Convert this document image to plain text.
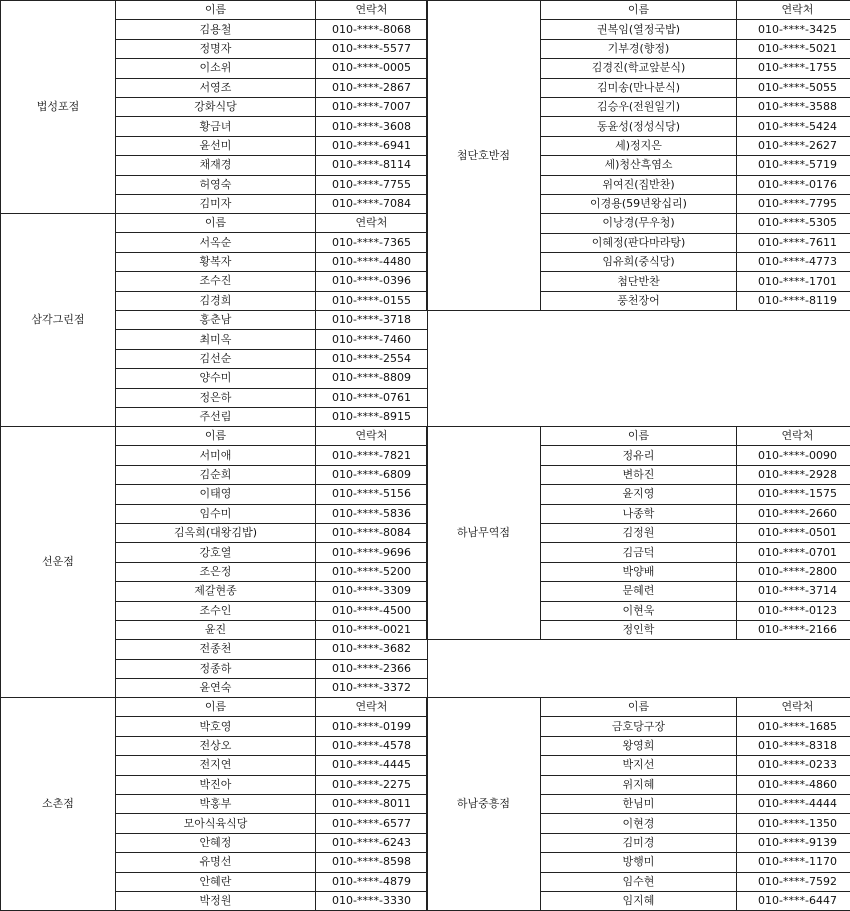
법성포점	이름	연락처
	김용철	010-****-8068
	정명자	010-****-5577
	이소위	010-****-0005
	서영조	010-****-2867
	강화식당	010-****-7007
	황금녀	010-****-3608
	윤선미	010-****-6941
	채재경	010-****-8114
	허영숙	010-****-7755
	김미자	010-****-7084
삼각그린점	이름	연락처
	서옥순	010-****-7365
	황복자	010-****-4480
	조수진	010-****-0396
	김경희	010-****-0155
	홍춘남	010-****-3718
	최미옥	010-****-7460
	김선순	010-****-2554
	양수미	010-****-8809
	정은하	010-****-0761
	주선림	010-****-8915
선운점	이름	연락처
	서미애	010-****-7821
	김순희	010-****-6809
	이태영	010-****-5156
	임수미	010-****-5836
	김옥희(대왕김밥)	010-****-8084
	강호열	010-****-9696
	조은정	010-****-5200
	제갈현종	010-****-3309
	조수인	010-****-4500
	윤진	010-****-0021
	전종천	010-****-3682
	정종하	010-****-2366
	윤연숙	010-****-3372
소촌점	이름	연락처
	박호영	010-****-0199
	전상오	010-****-4578
	전지연	010-****-4445
	박진아	010-****-2275
	박홍부	010-****-8011
	모아식육식당	010-****-6577
	안혜정	010-****-6243
	유명선	010-****-8598
	안혜란	010-****-4879
	박정원	010-****-3330
첨단호반점	이름	연락처
	권복임(열정국밥)	010-****-3425
	기부경(향정)	010-****-5021
	김경진(학교앞분식)	010-****-1755
	김미송(만나분식)	010-****-5055
	김승우(전원일기)	010-****-3588
	동윤성(정성식당)	010-****-5424
	세)정지은	010-****-2627
	세)청산흑염소	010-****-5719
	위여진(집반찬)	010-****-0176
	이경용(59년왕십리)	010-****-7795
	이낭경(무우청)	010-****-5305
	이혜정(판다마라탕)	010-****-7611
	임유희(중식당)	010-****-4773
	첨단반찬	010-****-1701
	풍천장어	010-****-8119
하남무역점	이름	연락처
	정유리	010-****-0090
	변하진	010-****-2928
	윤지영	010-****-1575
	나종학	010-****-2660
	김정원	010-****-0501
	김금덕	010-****-0701
	박양배	010-****-2800
	문혜련	010-****-3714
	이현욱	010-****-0123
	정인학	010-****-2166
하남중흥점	이름	연락처
	금호당구장	010-****-1685
	왕영희	010-****-8318
	박지선	010-****-0233
	위지혜	010-****-4860
	한님미	010-****-4444
	이현경	010-****-1350
	김미경	010-****-9139
	방행미	010-****-1170
	임수현	010-****-7592
	임지혜	010-****-6447
